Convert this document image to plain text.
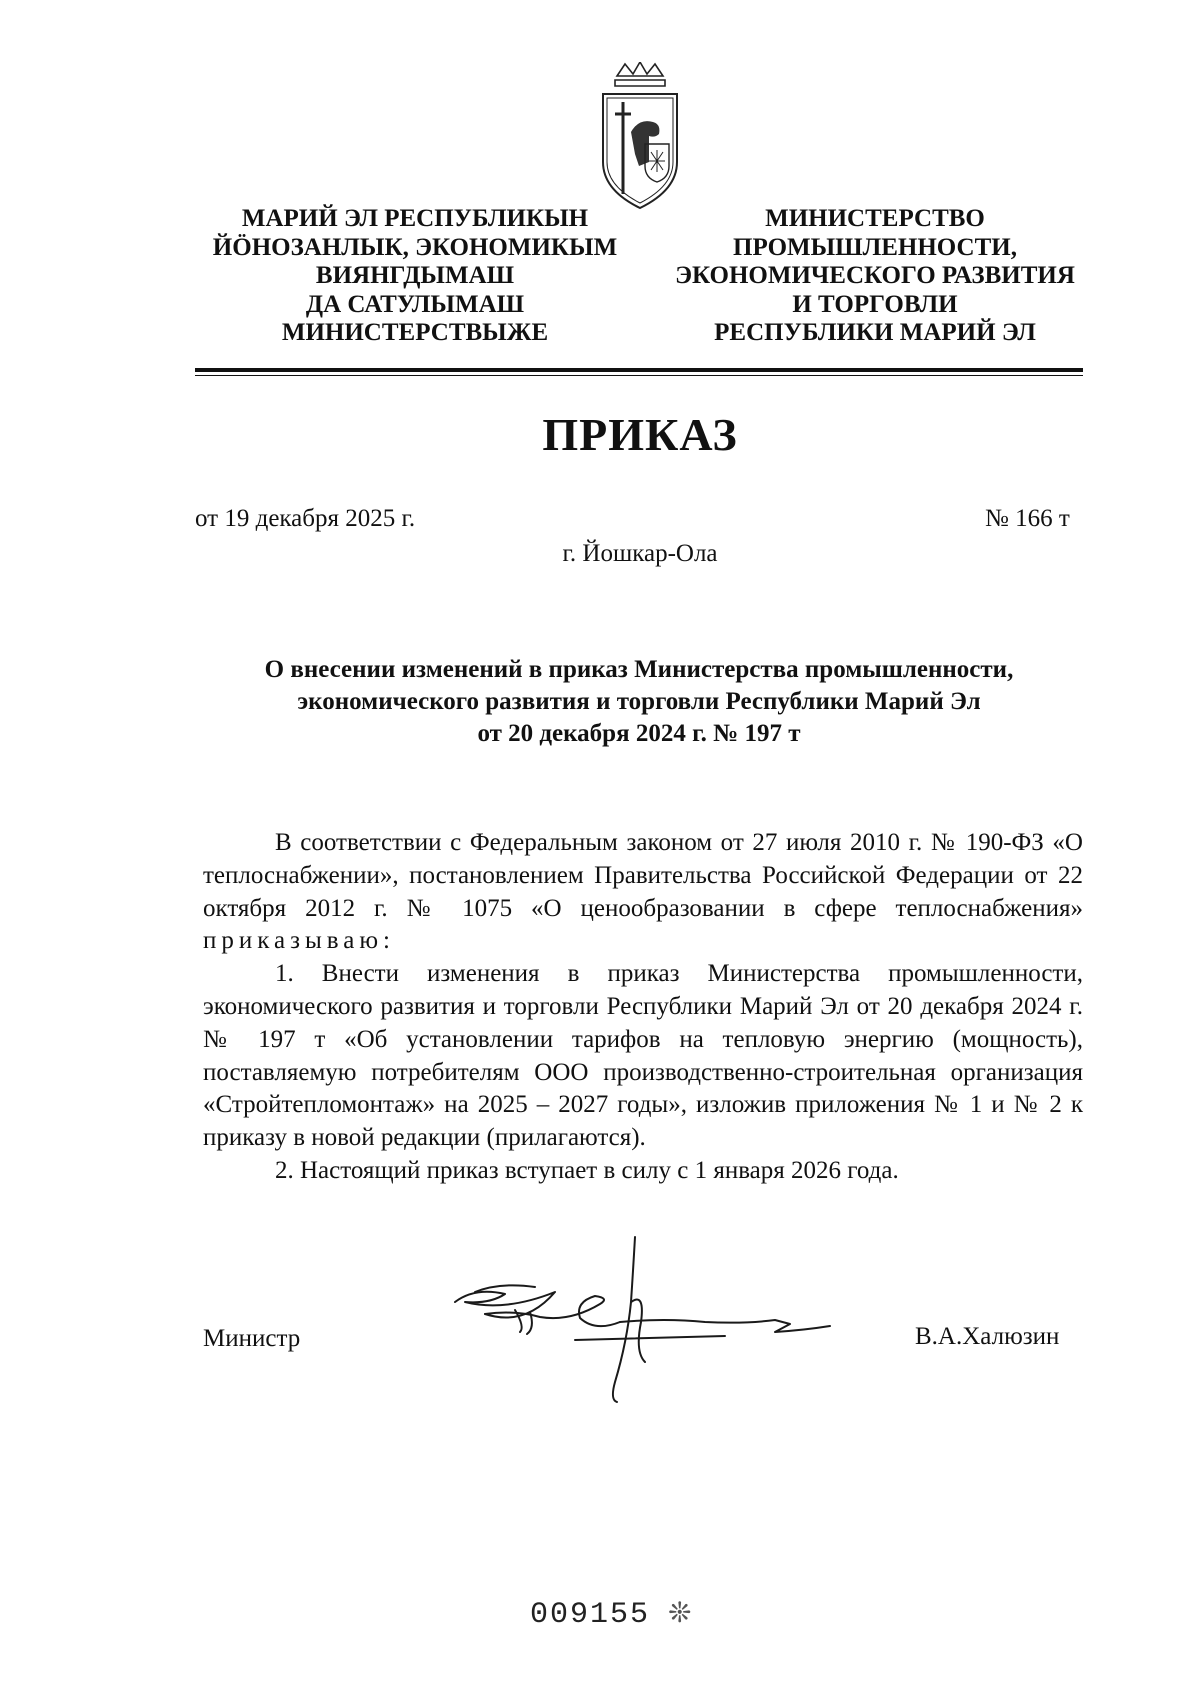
МАРИЙ ЭЛ РЕСПУБЛИКЫН
ЙӦНОЗАНЛЫК, ЭКОНОМИКЫМ
ВИЯНГДЫМАШ
ДА САТУЛЫМАШ
МИНИСТЕРСТВЫЖЕ
МИНИСТЕРСТВО
ПРОМЫШЛЕННОСТИ,
ЭКОНОМИЧЕСКОГО РАЗВИТИЯ
И ТОРГОВЛИ
РЕСПУБЛИКИ МАРИЙ ЭЛ
ПРИКАЗ
от 19 декабря 2025 г.	№ 166 т
г. Йошкар-Ола
О внесении изменений в приказ Министерства промышленности,
экономического развития и торговли Республики Марий Эл
от 20 декабря 2024 г. № 197 т

В соответствии с Федеральным законом от 27 июля 2010 г. № 190-ФЗ «О теплоснабжении», постановлением Правительства Российской Федерации от 22 октября 2012 г. № 1075 «О ценообразовании в сфере теплоснабжения» приказываю:

1. Внести изменения в приказ Министерства промышленности, экономического развития и торговли Республики Марий Эл от 20 декабря 2024 г. № 197 т «Об установлении тарифов на тепловую энергию (мощность), поставляемую потребителям ООО производственно-строительная организация «Стройтепломонтаж» на 2025 – 2027 годы», изложив приложения № 1 и № 2 к приказу в новой редакции (прилагаются).

2. Настоящий приказ вступает в силу с 1 января 2026 года.

Министр	В.А.Халюзин
009155 ❊
